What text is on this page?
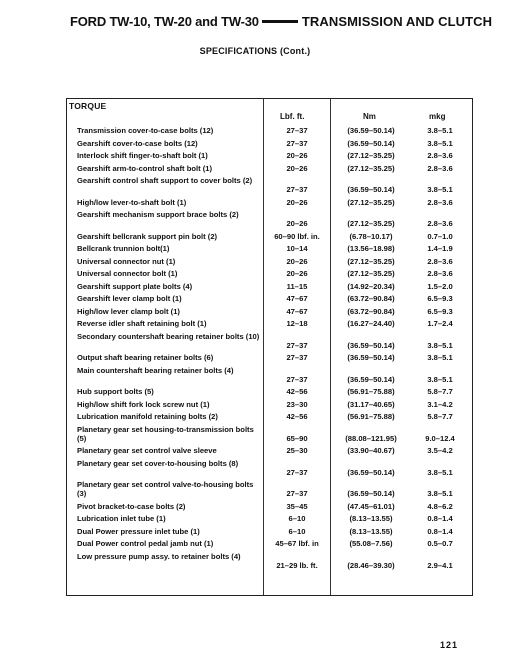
FORD TW-10, TW-20 and TW-30	TRANSMISSION AND CLUTCH
SPECIFICATIONS (Cont.)
TORQUE
Lbf. ft.	Nm	mkg
Transmission cover-to-case bolts (12)	27–37	(36.59–50.14)	3.8–5.1
Gearshift cover-to-case bolts (12)	27–37	(36.59–50.14)	3.8–5.1
Interlock shift finger-to-shaft bolt (1)	20–26	(27.12–35.25)	2.8–3.6
Gearshift arm-to-control shaft bolt (1)	20–26	(27.12–35.25)	2.8–3.6
Gearshift control shaft support to cover bolts (2)
27–37	(36.59–50.14)	3.8–5.1
High/low lever-to-shaft bolt (1)	20–26	(27.12–35.25)	2.8–3.6
Gearshift mechanism support brace bolts (2)
20–26	(27.12–35.25)	2.8–3.6
Gearshift bellcrank support pin bolt (2)	60–90 lbf. in.	(6.78–10.17)	0.7–1.0
Bellcrank trunnion bolt(1)	10–14	(13.56–18.98)	1.4–1.9
Universal connector nut (1)	20–26	(27.12–35.25)	2.8–3.6
Universal connector bolt (1)	20–26	(27.12–35.25)	2.8–3.6
Gearshift support plate bolts (4)	11–15	(14.92–20.34)	1.5–2.0
Gearshift lever clamp bolt (1)	47–67	(63.72–90.84)	6.5–9.3
High/low lever clamp bolt (1)	47–67	(63.72–90.84)	6.5–9.3
Reverse idler shaft retaining bolt (1)	12–18	(16.27–24.40)	1.7–2.4
Secondary countershaft bearing retainer bolts (10)
27–37	(36.59–50.14)	3.8–5.1
Output shaft bearing retainer bolts (6)	27–37	(36.59–50.14)	3.8–5.1
Main countershaft bearing retainer bolts (4)
27–37	(36.59–50.14)	3.8–5.1
Hub support bolts (5)	42–56	(56.91–75.88)	5.8–7.7
High/low shift fork lock screw nut (1)	23–30	(31.17–40.65)	3.1–4.2
Lubrication manifold retaining bolts (2)	42–56	(56.91–75.88)	5.8–7.7
Planetary gear set housing-to-transmission bolts (5)	65–90	(88.08–121.95)	9.0–12.4
Planetary gear set control valve sleeve	25–30	(33.90–40.67)	3.5–4.2
Planetary gear set cover-to-housing bolts (8)
27–37	(36.59–50.14)	3.8–5.1
Planetary gear set control valve-to-housing bolts (3)	27–37	(36.59–50.14)	3.8–5.1
Pivot bracket-to-case bolts (2)	35–45	(47.45–61.01)	4.8–6.2
Lubrication inlet tube (1)	6–10	(8.13–13.55)	0.8–1.4
Dual Power pressure inlet tube (1)	6–10	(8.13–13.55)	0.8–1.4
Dual Power control pedal jamb nut (1)	45–67 lbf. in	(55.08–7.56)	0.5–0.7
Low pressure pump assy. to retainer bolts (4)
21–29 lb. ft.	(28.46–39.30)	2.9–4.1
121
